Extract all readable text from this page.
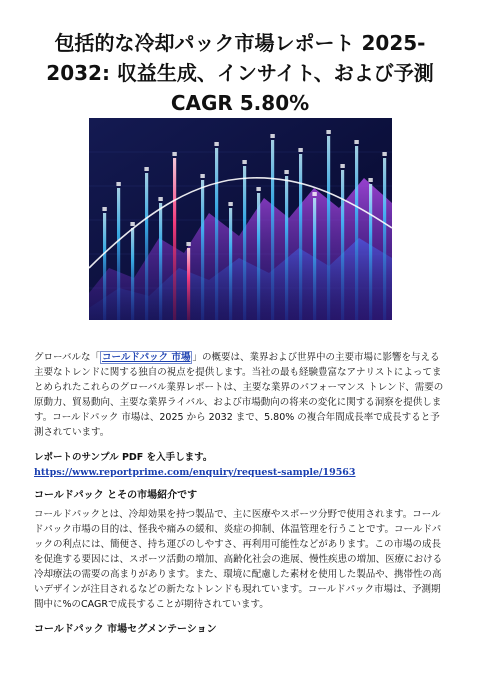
包括的な冷却パック市場レポート 2025-2032: 収益生成、インサイト、および予測CAGR 5.80%

グローバルな「 コールドパック 市場 」の概要は、業界および世界中の主要市場に影響を与える主要なトレンドに関する独自の視点を提供します。当社の最も経験豊富なアナリストによってまとめられたこれらのグローバル業界レポートは、主要な業界のパフォーマンス トレンド、需要の原動力、貿易動向、主要な業界ライバル、および市場動向の将来の変化に関する洞察を提供します。コールドパック 市場は、2025 から 2032 まで、5.80% の複合年間成長率で成長すると予測されています。

レポートのサンプル PDF を入手します。 https://www.reportprime.com/enquiry/request-sample/19563

コールドパック とその市場紹介です

コールドパックとは、冷却効果を持つ製品で、主に医療やスポーツ分野で使用されます。コールドパック市場の目的は、怪我や痛みの緩和、炎症の抑制、体温管理を行うことです。コールドパックの利点には、簡便さ、持ち運びのしやすさ、再利用可能性などがあります。この市場の成長を促進する要因には、スポーツ活動の増加、高齢化社会の進展、慢性疾患の増加、医療における冷却療法の需要の高まりがあります。また、環境に配慮した素材を使用した製品や、携帯性の高いデザインが注目されるなどの新たなトレンドも現れています。コールドパック市場は、予測期間中に%のCAGRで成長することが期待されています。

コールドパック 市場セグメンテーション
